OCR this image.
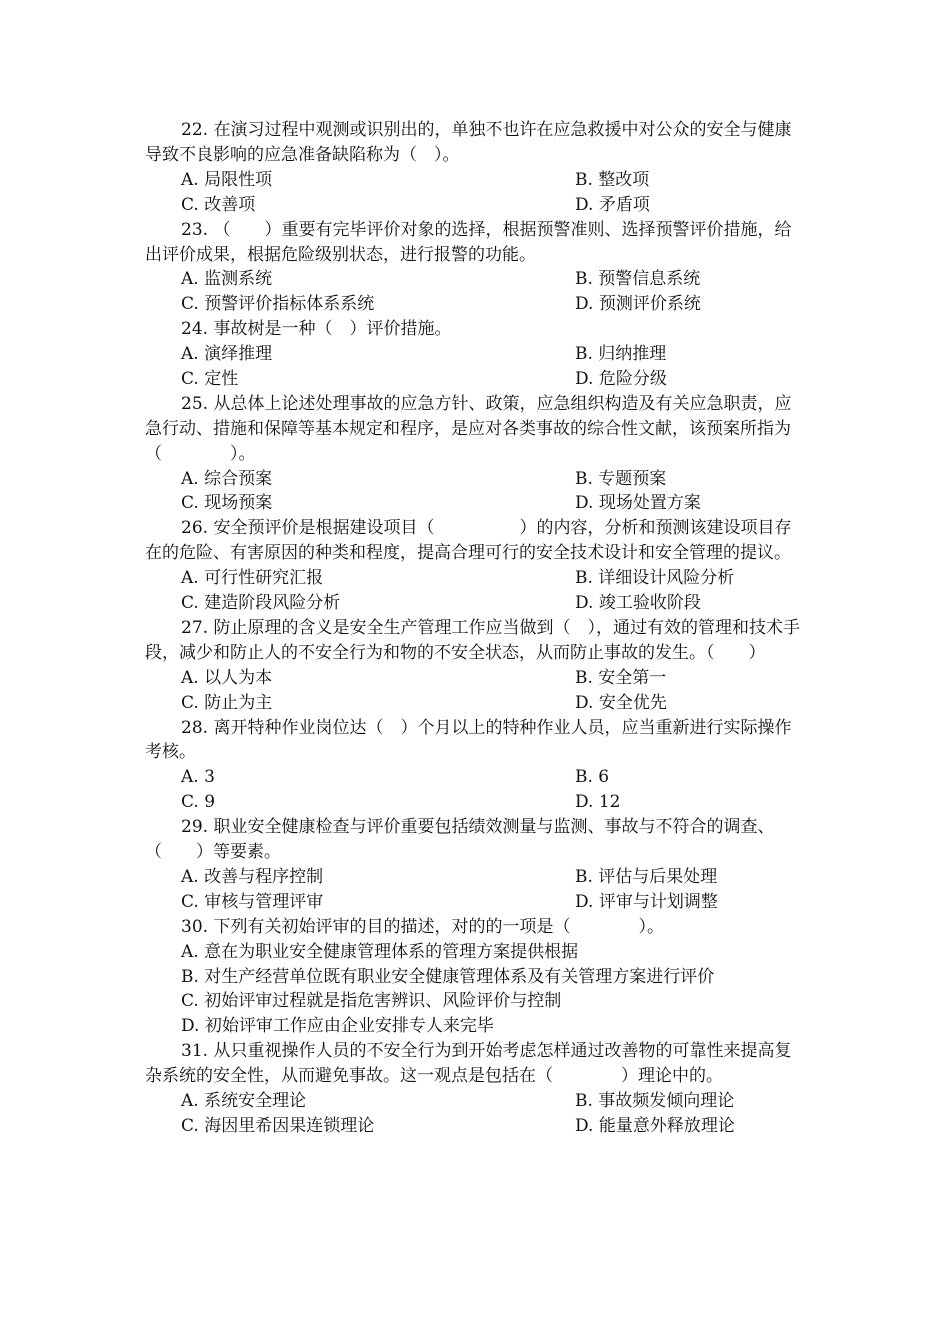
22. 在演习过程中观测或识别出的，单独不也许在应急救援中对公众的安全与健康导致不良影响的应急准备缺陷称为（　）。

A. 局限性项	B. 整改项
C. 改善项	D. 矛盾项

23. （　　）重要有完毕评价对象的选择，根据预警准则、选择预警评价措施，给出评价成果，根据危险级别状态，进行报警的功能。

A. 监测系统	B. 预警信息系统
C. 预警评价指标体系系统	D. 预测评价系统

24. 事故树是一种（　）评价措施。

A. 演绎推理	B. 归纳推理
C. 定性	D. 危险分级

25. 从总体上论述处理事故的应急方针、政策，应急组织构造及有关应急职责，应急行动、措施和保障等基本规定和程序，是应对各类事故的综合性文献，该预案所指为（　　　　）。

A. 综合预案	B. 专题预案
C. 现场预案	D. 现场处置方案

26. 安全预评价是根据建设项目（　　　　　）的内容，分析和预测该建设项目存在的危险、有害原因的种类和程度，提高合理可行的安全技术设计和安全管理的提议。

A. 可行性研究汇报	B. 详细设计风险分析
C. 建造阶段风险分析	D. 竣工验收阶段

27. 防止原理的含义是安全生产管理工作应当做到（　），通过有效的管理和技术手段，减少和防止人的不安全行为和物的不安全状态，从而防止事故的发生。（　　）

A. 以人为本	B. 安全第一
C. 防止为主	D. 安全优先

28. 离开特种作业岗位达（　）个月以上的特种作业人员，应当重新进行实际操作考核。

A. 3	B. 6
C. 9	D. 12

29. 职业安全健康检查与评价重要包括绩效测量与监测、事故与不符合的调查、（　　）等要素。

A. 改善与程序控制	B. 评估与后果处理
C. 审核与管理评审	D. 评审与计划调整

30. 下列有关初始评审的目的描述，对的的一项是（　　　　）。

A. 意在为职业安全健康管理体系的管理方案提供根据
B. 对生产经营单位既有职业安全健康管理体系及有关管理方案进行评价
C. 初始评审过程就是指危害辨识、风险评价与控制
D. 初始评审工作应由企业安排专人来完毕

31. 从只重视操作人员的不安全行为到开始考虑怎样通过改善物的可靠性来提高复杂系统的安全性，从而避免事故。这一观点是包括在（　　　　）理论中的。

A. 系统安全理论	B. 事故频发倾向理论
C. 海因里希因果连锁理论	D. 能量意外释放理论
